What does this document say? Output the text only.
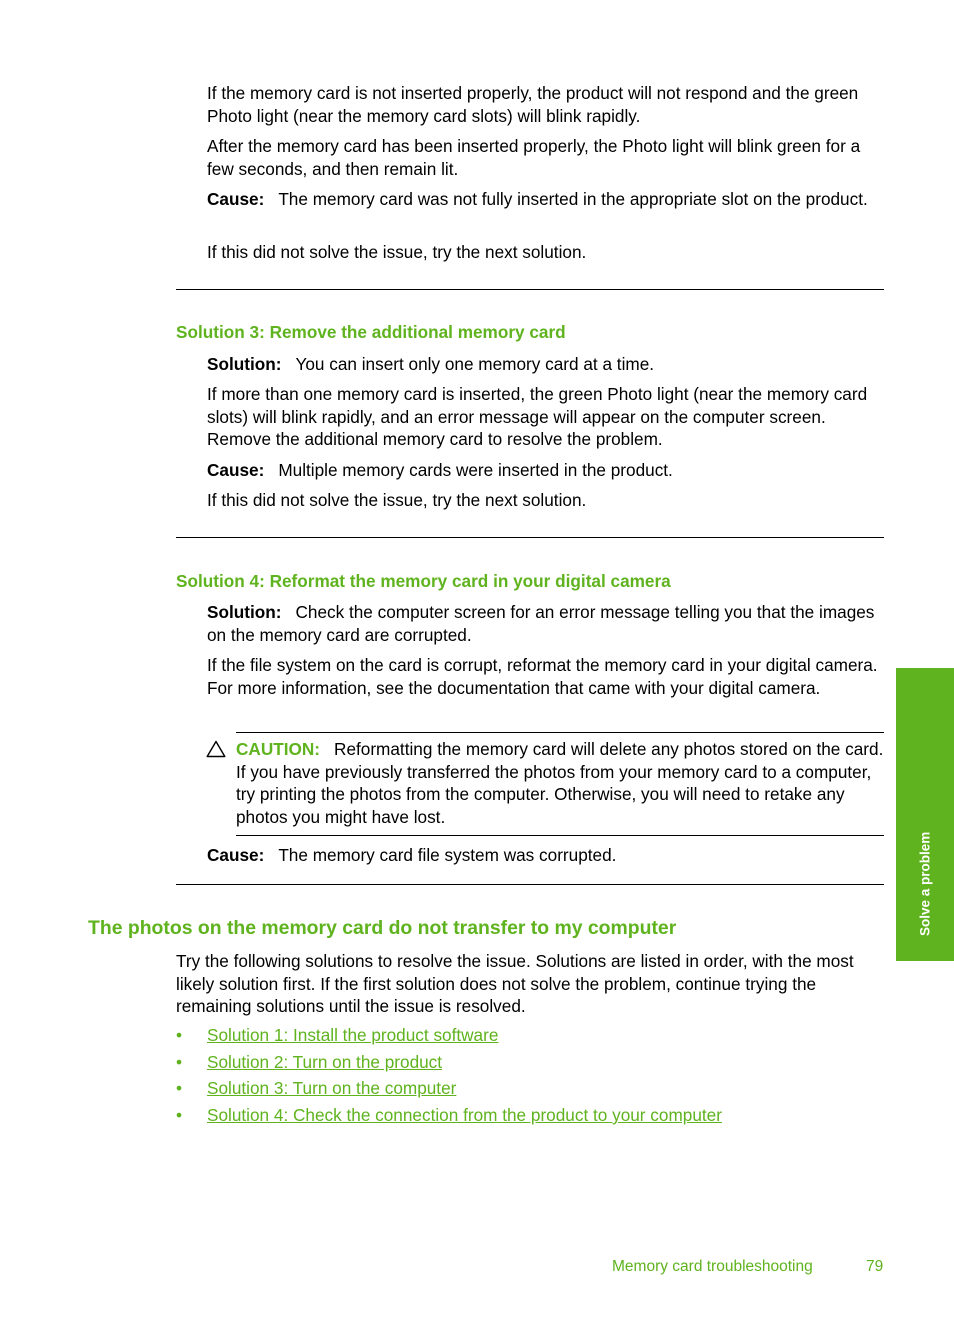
If the memory card is not inserted properly, the product will not respond and the green Photo light (near the memory card slots) will blink rapidly.

After the memory card has been inserted properly, the Photo light will blink green for a few seconds, and then remain lit.

Cause: The memory card was not fully inserted in the appropriate slot on the product.

If this did not solve the issue, try the next solution.

Solution 3: Remove the additional memory card

Solution: You can insert only one memory card at a time.

If more than one memory card is inserted, the green Photo light (near the memory card slots) will blink rapidly, and an error message will appear on the computer screen. Remove the additional memory card to resolve the problem.

Cause: Multiple memory cards were inserted in the product.

If this did not solve the issue, try the next solution.

Solution 4: Reformat the memory card in your digital camera

Solution: Check the computer screen for an error message telling you that the images on the memory card are corrupted.

If the file system on the card is corrupt, reformat the memory card in your digital camera. For more information, see the documentation that came with your digital camera.

CAUTION: Reformatting the memory card will delete any photos stored on the card. If you have previously transferred the photos from your memory card to a computer, try printing the photos from the computer. Otherwise, you will need to retake any photos you might have lost.

Cause: The memory card file system was corrupted.

The photos on the memory card do not transfer to my computer

Try the following solutions to resolve the issue. Solutions are listed in order, with the most likely solution first. If the first solution does not solve the problem, continue trying the remaining solutions until the issue is resolved.

• Solution 1: Install the product software
• Solution 2: Turn on the product
• Solution 3: Turn on the computer
• Solution 4: Check the connection from the product to your computer
Solve a problem
Memory card troubleshooting	79
